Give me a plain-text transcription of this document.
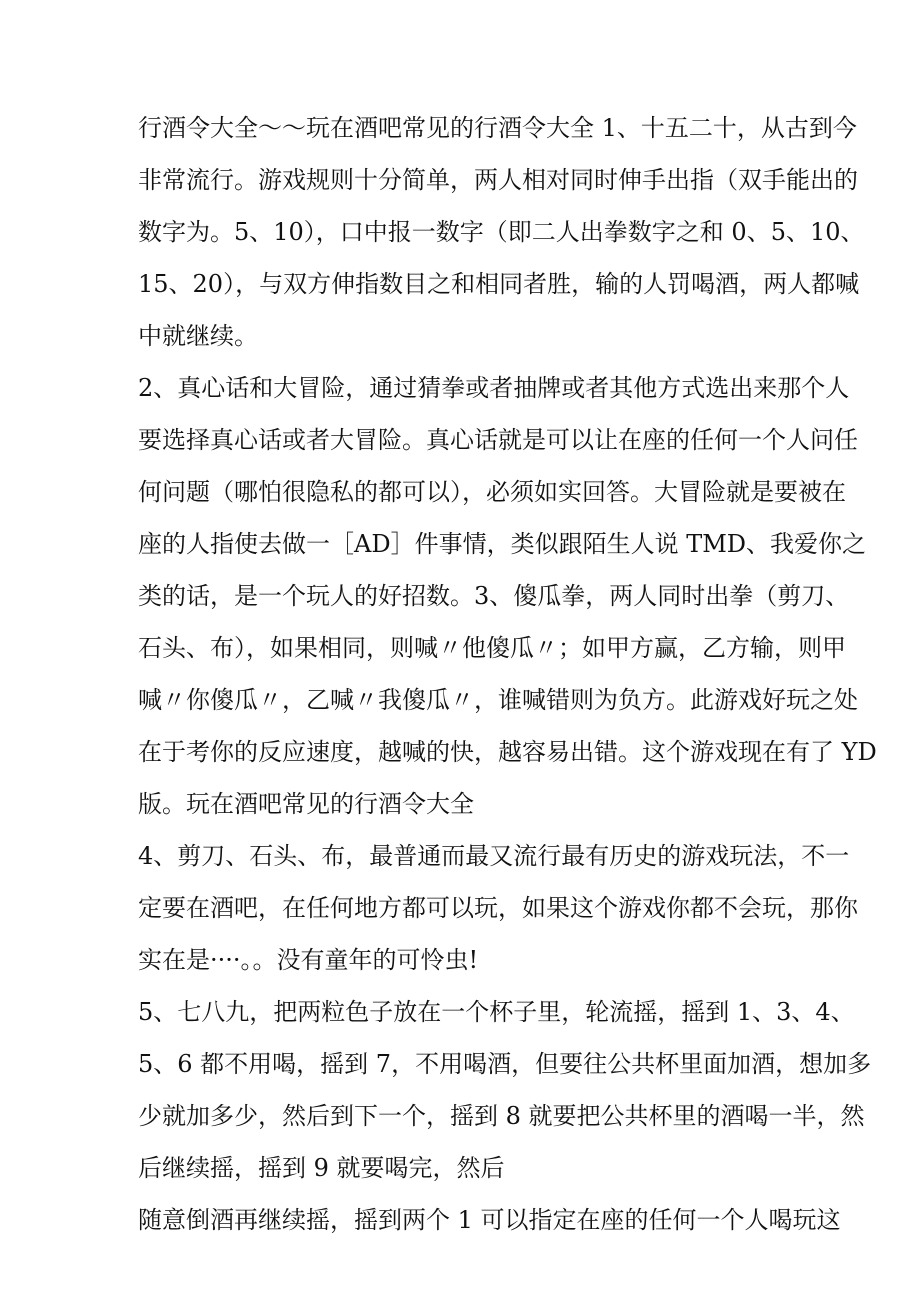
行酒令大全～～玩在酒吧常见的行酒令大全 1、十五二十，从古到今
非常流行。游戏规则十分简单，两人相对同时伸手出指（双手能出的
数字为。5、10），口中报一数字（即二人出拳数字之和 0、5、10、
15、20），与双方伸指数目之和相同者胜，输的人罚喝酒，两人都喊
中就继续。
2、真心话和大冒险，通过猜拳或者抽牌或者其他方式选出来那个人
要选择真心话或者大冒险。真心话就是可以让在座的任何一个人问任
何问题（哪怕很隐私的都可以），必须如实回答。大冒险就是要被在
座的人指使去做一［AD］件事情，类似跟陌生人说 TMD、我爱你之
类的话，是一个玩人的好招数。3、傻瓜拳，两人同时出拳（剪刀、
石头、布），如果相同，则喊〃他傻瓜〃；如甲方赢，乙方输，则甲
喊〃你傻瓜〃，乙喊〃我傻瓜〃，谁喊错则为负方。此游戏好玩之处
在于考你的反应速度，越喊的快，越容易出错。这个游戏现在有了 YD
版。玩在酒吧常见的行酒令大全
4、剪刀、石头、布，最普通而最又流行最有历史的游戏玩法，不一
定要在酒吧，在任何地方都可以玩，如果这个游戏你都不会玩，那你
实在是····。。没有童年的可怜虫!
5、七八九，把两粒色子放在一个杯子里，轮流摇，摇到 1、3、4、
5、6 都不用喝，摇到 7，不用喝酒，但要往公共杯里面加酒，想加多
少就加多少，然后到下一个，摇到 8 就要把公共杯里的酒喝一半，然
后继续摇，摇到 9 就要喝完，然后
随意倒酒再继续摇，摇到两个 1 可以指定在座的任何一个人喝玩这
